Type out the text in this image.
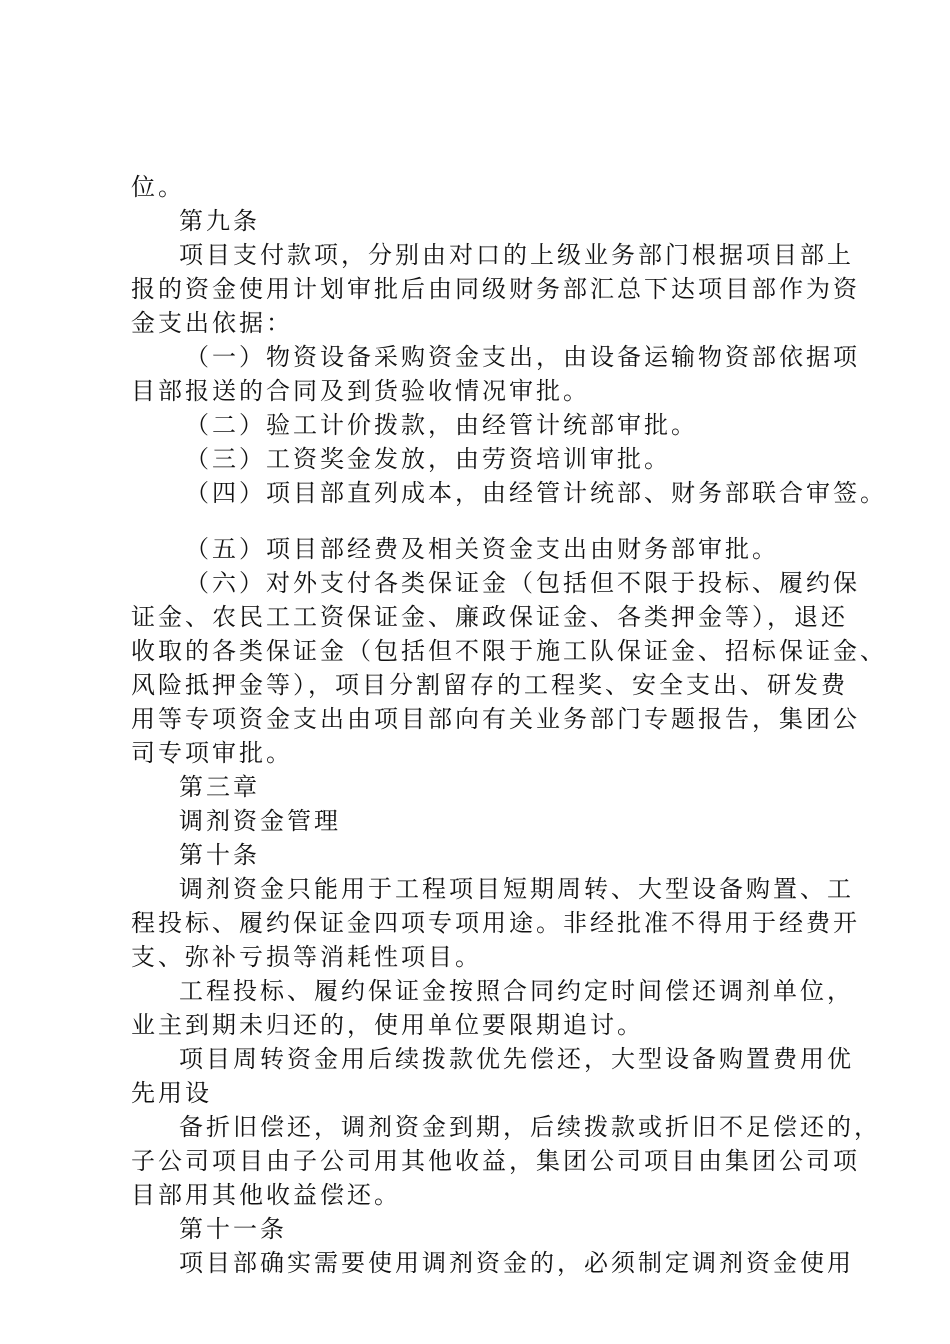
位。
第九条
项目支付款项，分别由对口的上级业务部门根据项目部上
报的资金使用计划审批后由同级财务部汇总下达项目部作为资
金支出依据：
（一）物资设备采购资金支出，由设备运输物资部依据项
目部报送的合同及到货验收情况审批。
（二）验工计价拨款，由经管计统部审批。
（三）工资奖金发放，由劳资培训审批。
（四）项目部直列成本，由经管计统部、财务部联合审签。
（五）项目部经费及相关资金支出由财务部审批。
（六）对外支付各类保证金（包括但不限于投标、履约保
证金、农民工工资保证金、廉政保证金、各类押金等），退还
收取的各类保证金（包括但不限于施工队保证金、招标保证金、
风险抵押金等），项目分割留存的工程奖、安全支出、研发费
用等专项资金支出由项目部向有关业务部门专题报告，集团公
司专项审批。
第三章
调剂资金管理
第十条
调剂资金只能用于工程项目短期周转、大型设备购置、工
程投标、履约保证金四项专项用途。非经批准不得用于经费开
支、弥补亏损等消耗性项目。
工程投标、履约保证金按照合同约定时间偿还调剂单位，
业主到期未归还的，使用单位要限期追讨。
项目周转资金用后续拨款优先偿还，大型设备购置费用优
先用设
备折旧偿还，调剂资金到期，后续拨款或折旧不足偿还的，
子公司项目由子公司用其他收益，集团公司项目由集团公司项
目部用其他收益偿还。
第十一条
项目部确实需要使用调剂资金的，必须制定调剂资金使用
